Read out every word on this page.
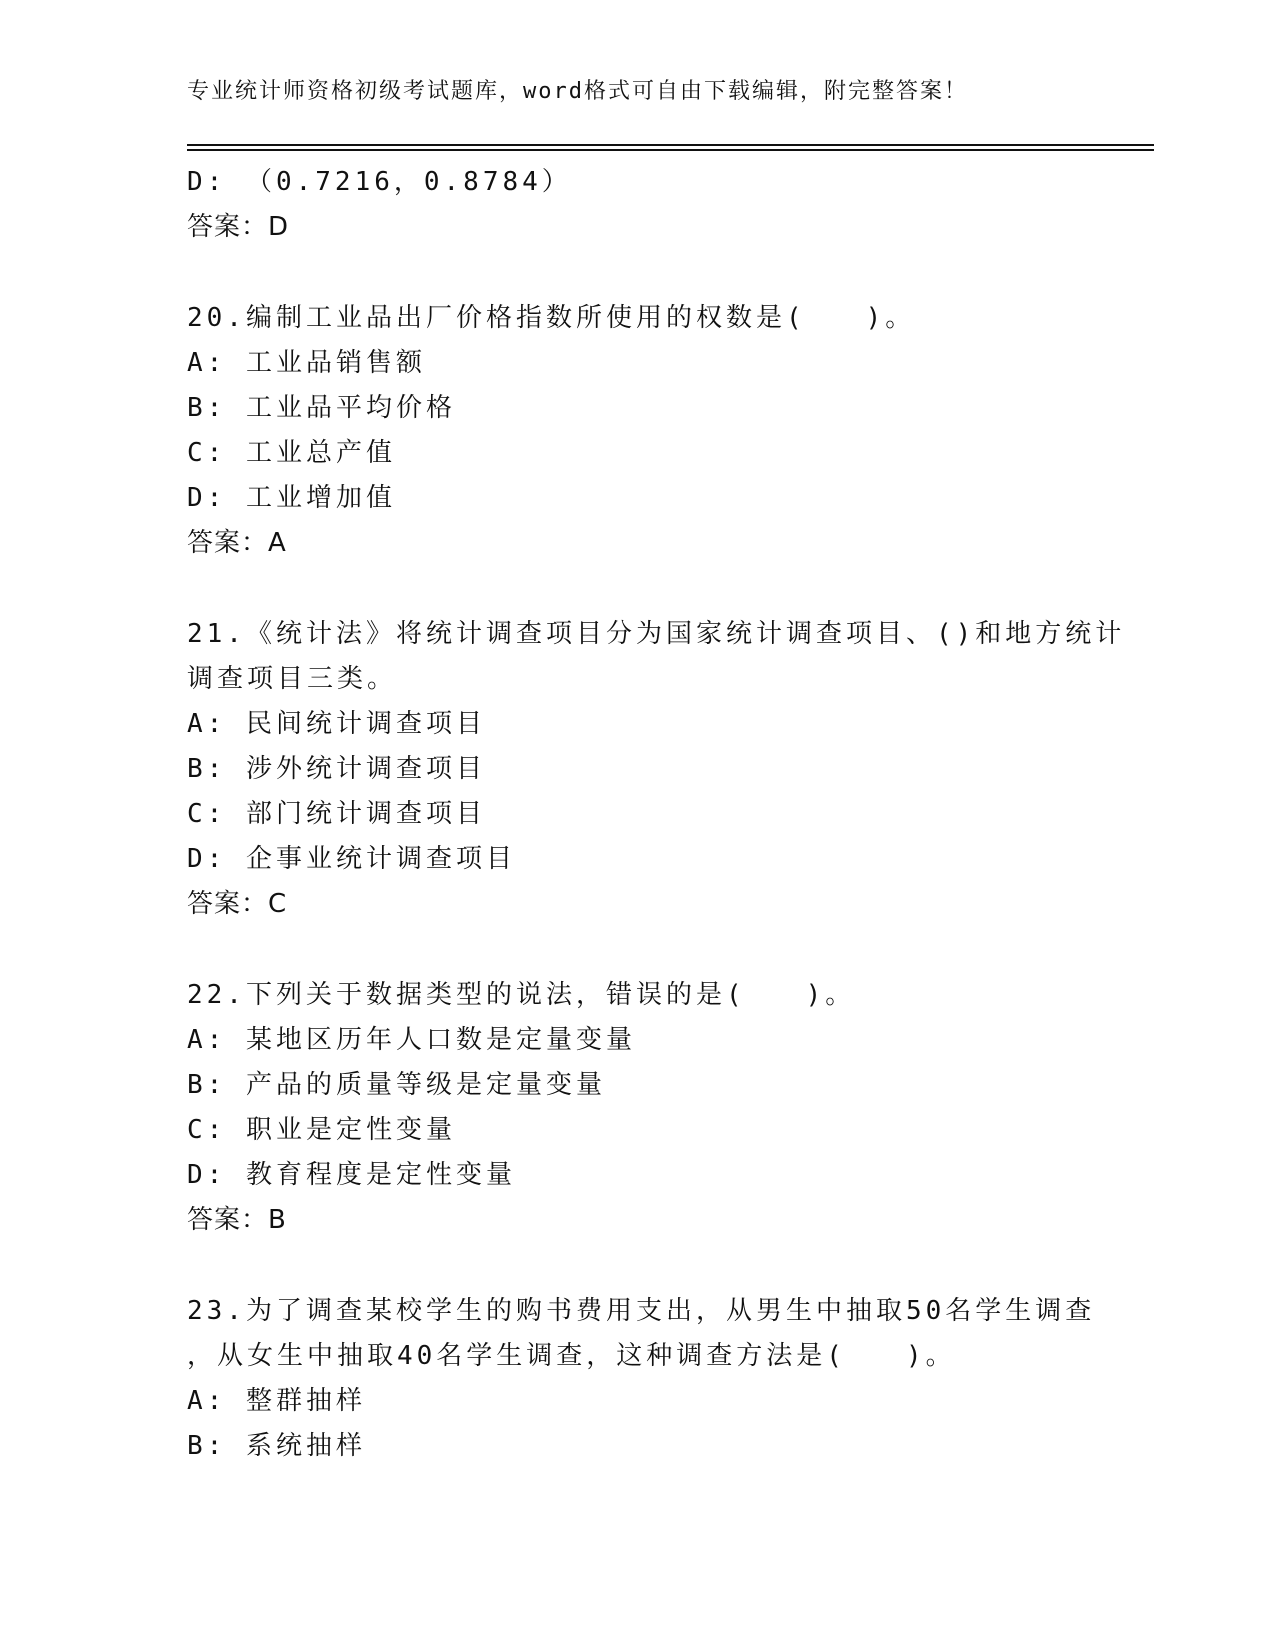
专业统计师资格初级考试题库，word格式可自由下载编辑，附完整答案！
D: （0.7216，0.8784）
答案：D
20.编制工业品出厂价格指数所使用的权数是(　　)。
A: 工业品销售额
B: 工业品平均价格
C: 工业总产值
D: 工业增加值
答案：A
21.《统计法》将统计调查项目分为国家统计调查项目、()和地方统计
调查项目三类。
A: 民间统计调查项目
B: 涉外统计调查项目
C: 部门统计调查项目
D: 企事业统计调查项目
答案：C
22.下列关于数据类型的说法，错误的是(　　)。
A: 某地区历年人口数是定量变量
B: 产品的质量等级是定量变量
C: 职业是定性变量
D: 教育程度是定性变量
答案：B
23.为了调查某校学生的购书费用支出，从男生中抽取50名学生调查
，从女生中抽取40名学生调查，这种调查方法是(　　)。
A: 整群抽样
B: 系统抽样
